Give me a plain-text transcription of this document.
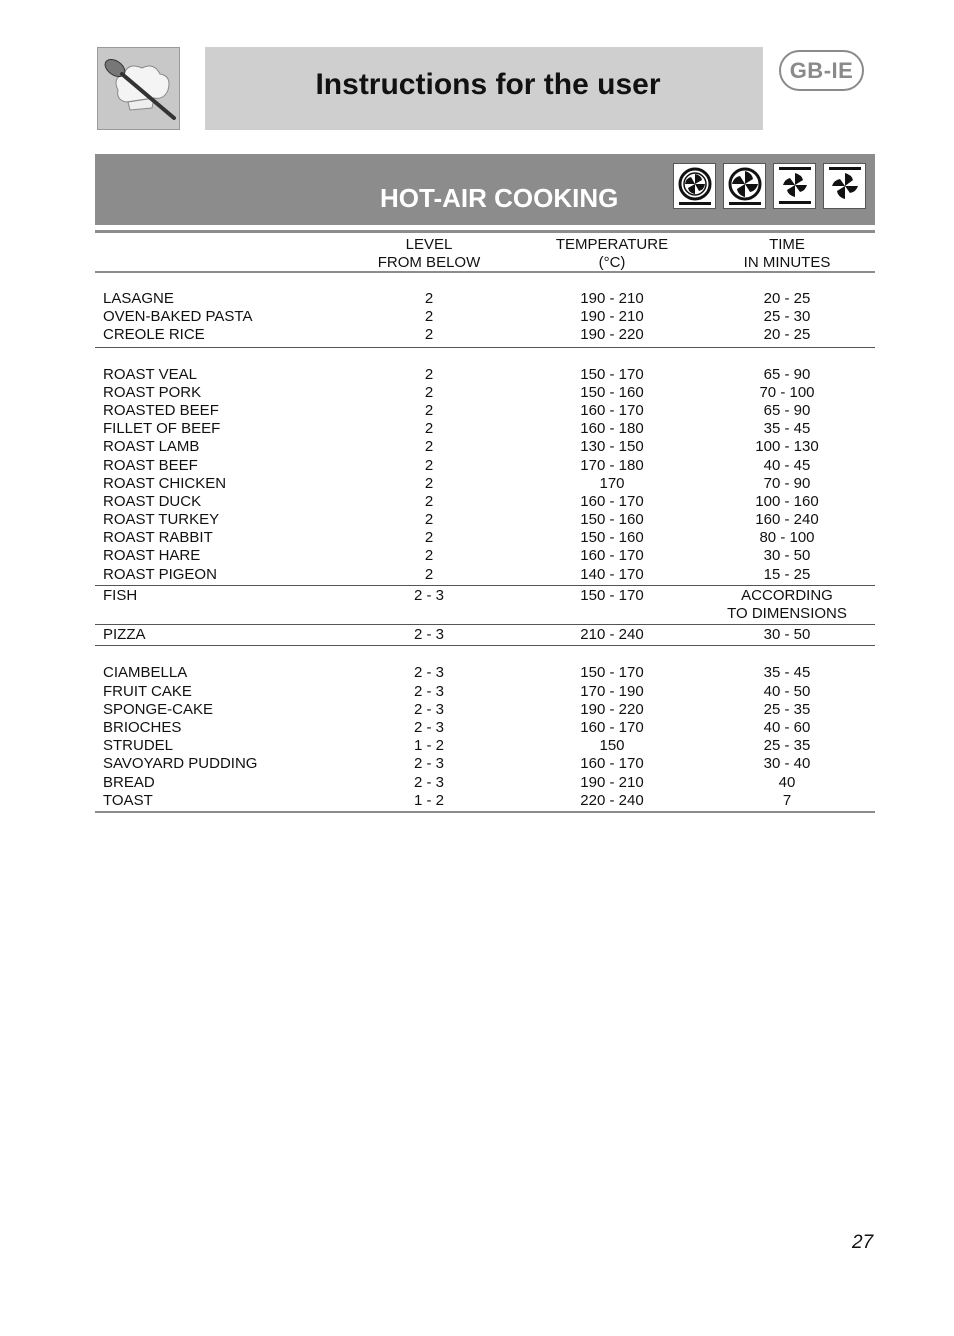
Instructions for the user	GB-IE
HOT-AIR COOKING
LEVEL
FROM BELOW
TEMPERATURE
(°C)
TIME
IN MINUTES
LASAGNE	2	190 - 210	20 - 25
OVEN-BAKED PASTA	2	190 - 210	25 - 30
CREOLE RICE	2	190 - 220	20 - 25
ROAST VEAL	2	150 - 170	65 - 90
ROAST PORK	2	150 - 160	70 - 100
ROASTED BEEF	2	160 - 170	65 - 90
FILLET OF BEEF	2	160 - 180	35 - 45
ROAST LAMB	2	130 - 150	100 - 130
ROAST BEEF	2	170 - 180	40 - 45
ROAST CHICKEN	2	170	70 - 90
ROAST DUCK	2	160 - 170	100 - 160
ROAST TURKEY	2	150 - 160	160 - 240
ROAST RABBIT	2	150 - 160	80 - 100
ROAST HARE	2	160 - 170	30 - 50
ROAST PIGEON	2	140 - 170	15 - 25
FISH	2 - 3	150 - 170	ACCORDING
TO DIMENSIONS
PIZZA	2 - 3	210 - 240	30 - 50
CIAMBELLA	2 - 3	150 - 170	35 - 45
FRUIT CAKE	2 - 3	170 - 190	40 - 50
SPONGE-CAKE	2 - 3	190 - 220	25 - 35
BRIOCHES	2 - 3	160 - 170	40 - 60
STRUDEL	1 - 2	150	25 - 35
SAVOYARD PUDDING	2 - 3	160 - 170	30 - 40
BREAD	2 - 3	190 - 210	40
TOAST	1 - 2	220 - 240	7
27
